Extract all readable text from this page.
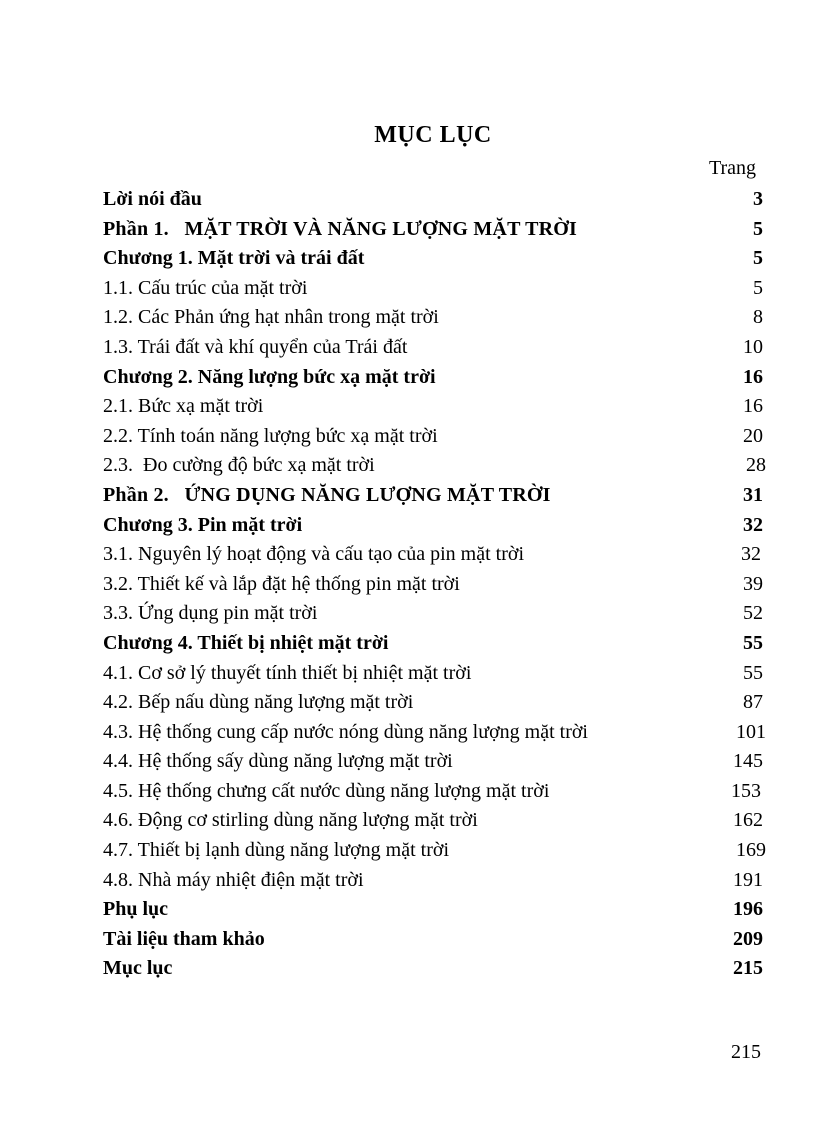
MỤC LỤC
Trang
Lời nói đầu	3
Phần 1.   MẶT TRỜI VÀ NĂNG LƯỢNG MẶT TRỜI	5
Chương 1. Mặt trời và trái đất	5
1.1. Cấu trúc của mặt trời	5
1.2. Các Phản ứng hạt nhân trong mặt trời	8
1.3. Trái đất và khí quyển của Trái đất	10
Chương 2. Năng lượng bức xạ mặt trời	16
2.1. Bức xạ mặt trời	16
2.2. Tính toán năng lượng bức xạ mặt trời	20
2.3.  Đo cường độ bức xạ mặt trời	28
Phần 2.   ỨNG DỤNG NĂNG LƯỢNG MẶT TRỜI	31
Chương 3. Pin mặt trời	32
3.1. Nguyên lý hoạt động và cấu tạo của pin mặt trời	32
3.2. Thiết kế và lắp đặt hệ thống pin mặt trời	39
3.3. Ứng dụng pin mặt trời	52
Chương 4. Thiết bị nhiệt mặt trời	55
4.1. Cơ sở lý thuyết tính thiết bị nhiệt mặt trời	55
4.2. Bếp nấu dùng năng lượng mặt trời	87
4.3. Hệ thống cung cấp nước nóng dùng năng lượng mặt trời	101
4.4. Hệ thống sấy dùng năng lượng mặt trời	145
4.5. Hệ thống chưng cất nước dùng năng lượng mặt trời	153
4.6. Động cơ stirling dùng năng lượng mặt trời	162
4.7. Thiết bị lạnh dùng năng lượng mặt trời	169
4.8. Nhà máy nhiệt điện mặt trời	191
Phụ lục	196
Tài liệu tham khảo	209
Mục lục	215
215
